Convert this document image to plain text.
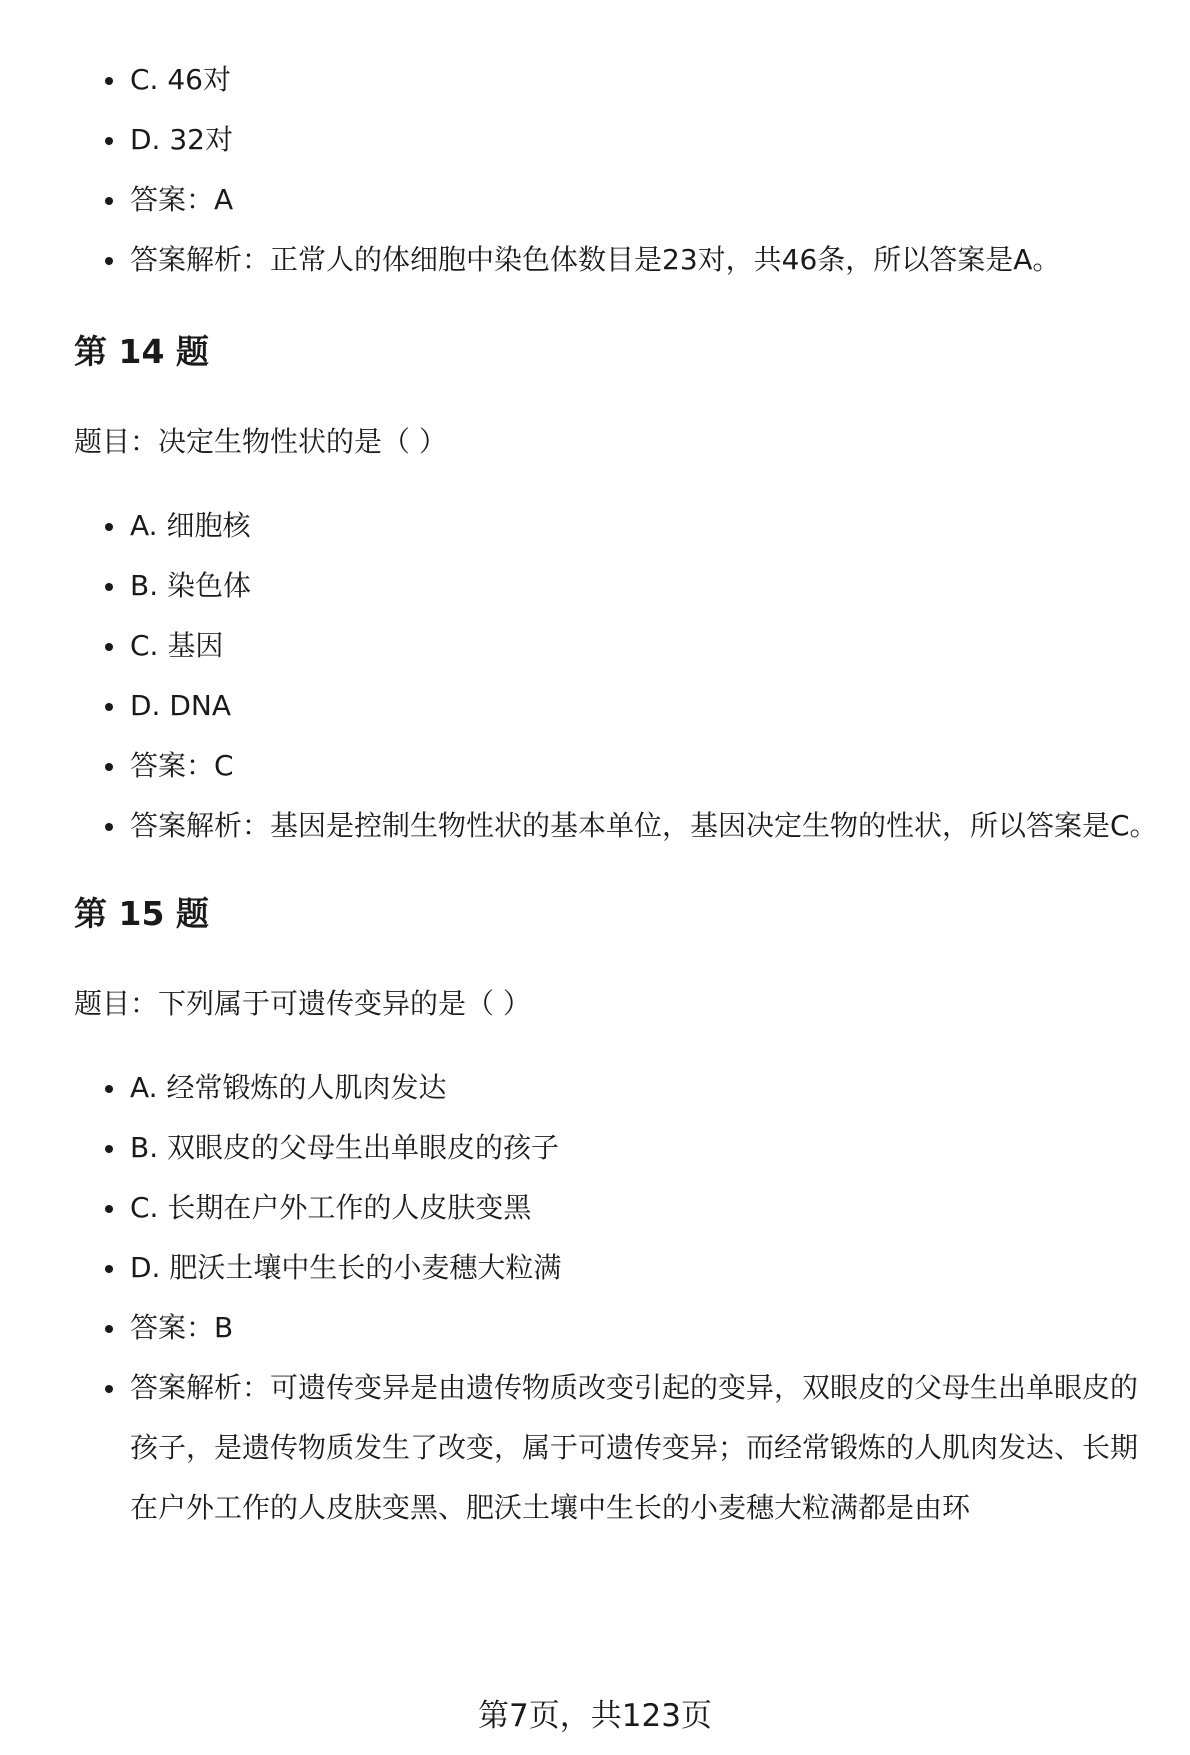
C. 46对
D. 32对
答案：A
答案解析：正常人的体细胞中染色体数目是23对，共46条，所以答案是A。
第 14 题

题目：决定生物性状的是（ ）

A. 细胞核
B. 染色体
C. 基因
D. DNA
答案：C
答案解析：基因是控制生物性状的基本单位，基因决定生物的性状，所以答案是C。
第 15 题

题目：下列属于可遗传变异的是（ ）

A. 经常锻炼的人肌肉发达
B. 双眼皮的父母生出单眼皮的孩子
C. 长期在户外工作的人皮肤变黑
D. 肥沃土壤中生长的小麦穗大粒满
答案：B
答案解析：可遗传变异是由遗传物质改变引起的变异，双眼皮的父母生出单眼皮的孩子，是遗传物质发生了改变，属于可遗传变异；而经常锻炼的人肌肉发达、长期在户外工作的人皮肤变黑、肥沃土壤中生长的小麦穗大粒满都是由环
第7页，共123页
